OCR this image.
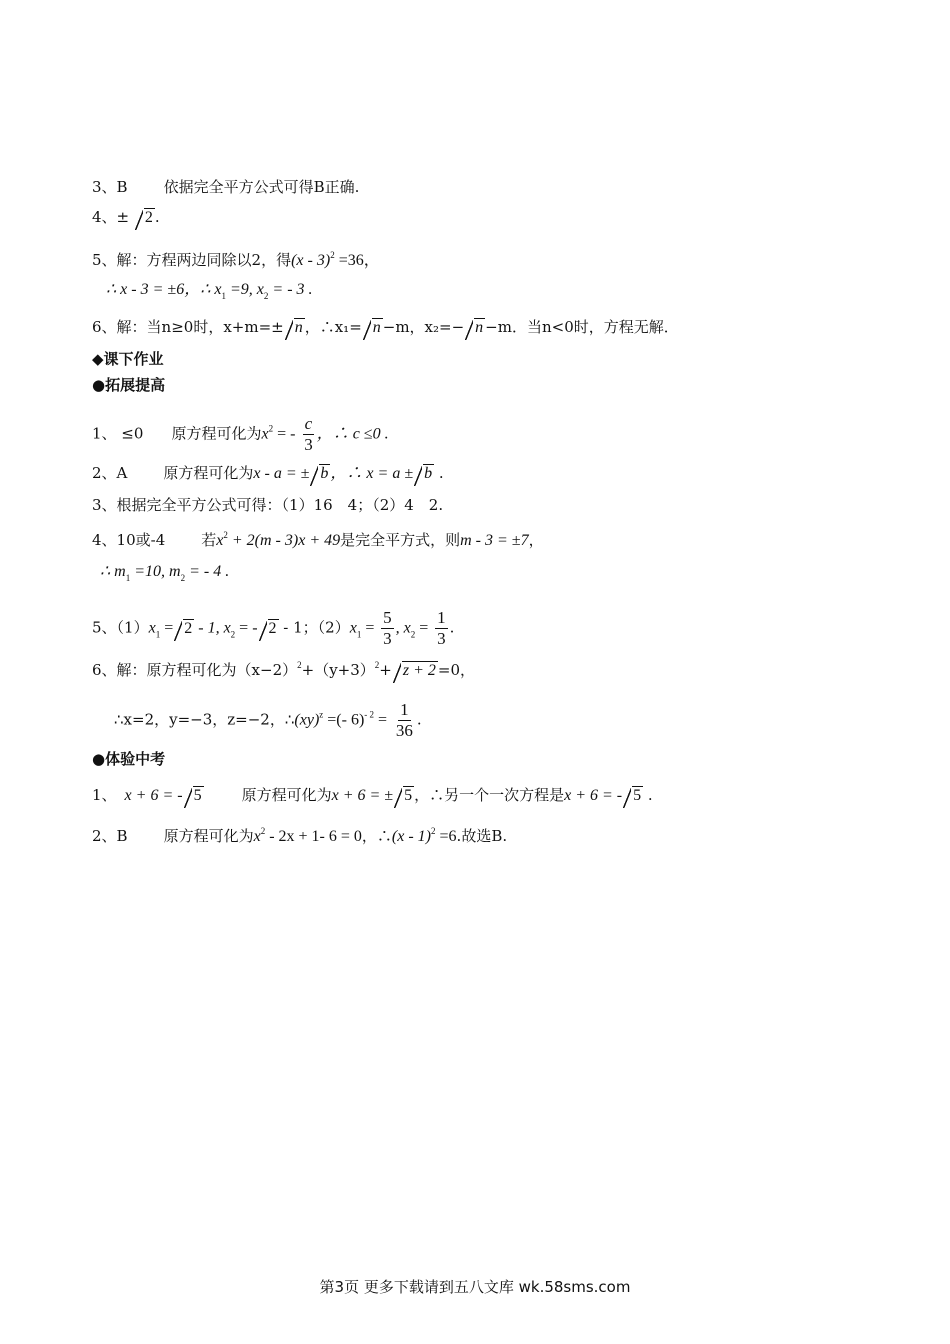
3、B 依据完全平方公式可得B正确.
4、± 2 .
5、解：方程两边同除以2，得(x - 3)$^2$ =36，
∴ x - 3 = ±6，∴ $x_1 =9$, $x_2$ = - 3 .
6、解：当n≥0时，x+m=± n ，∴x₁= n −m，x₂=− n −m．当n<0时，方程无解．
◆课下作业
●拓展提高
1、 ≤0 原方程可化为$x^2$ = - $\frac{c}{3}$ ，∴ c ≤0 .
2、A 原方程可化为x - a = ± b ，∴ x = a ± b .
3、根据完全平方公式可得：（1）16　4；（2）4　2.
4、10或-4 若$x^2 + 2(m - 3)x + 49$是完全平方式，则m - 3 = ±7，
∴ $m_1 =10$, $m_2$ = - 4 .
5、$(1)x_1 = 2 - 1$, $x_2$ = - 2 - 1；$(2)x_1 = \frac{5}{3}$ , $x_2 = \frac{1}{3}$ .
6、解：原方程可化为$(x-2)^2+(y+3)^2+ z + 2 =0$，
∴x=2，y=−3，z=−2，∴(xy)$^z$ =(- $6)^{- 2} = \frac{1}{36}$ .
●体验中考
1、 x + 6 = - 5	原方程可化为x + 6 = ± 5 ，∴另一个一次方程是x + 6 = - 5 .
2、B 原方程可化为$x^2 - 2x + 1-$ 6 = 0，∴(x - 1)$^2$ =6.故选B.
第3页 更多下载请到五八文库 wk.58sms.com
